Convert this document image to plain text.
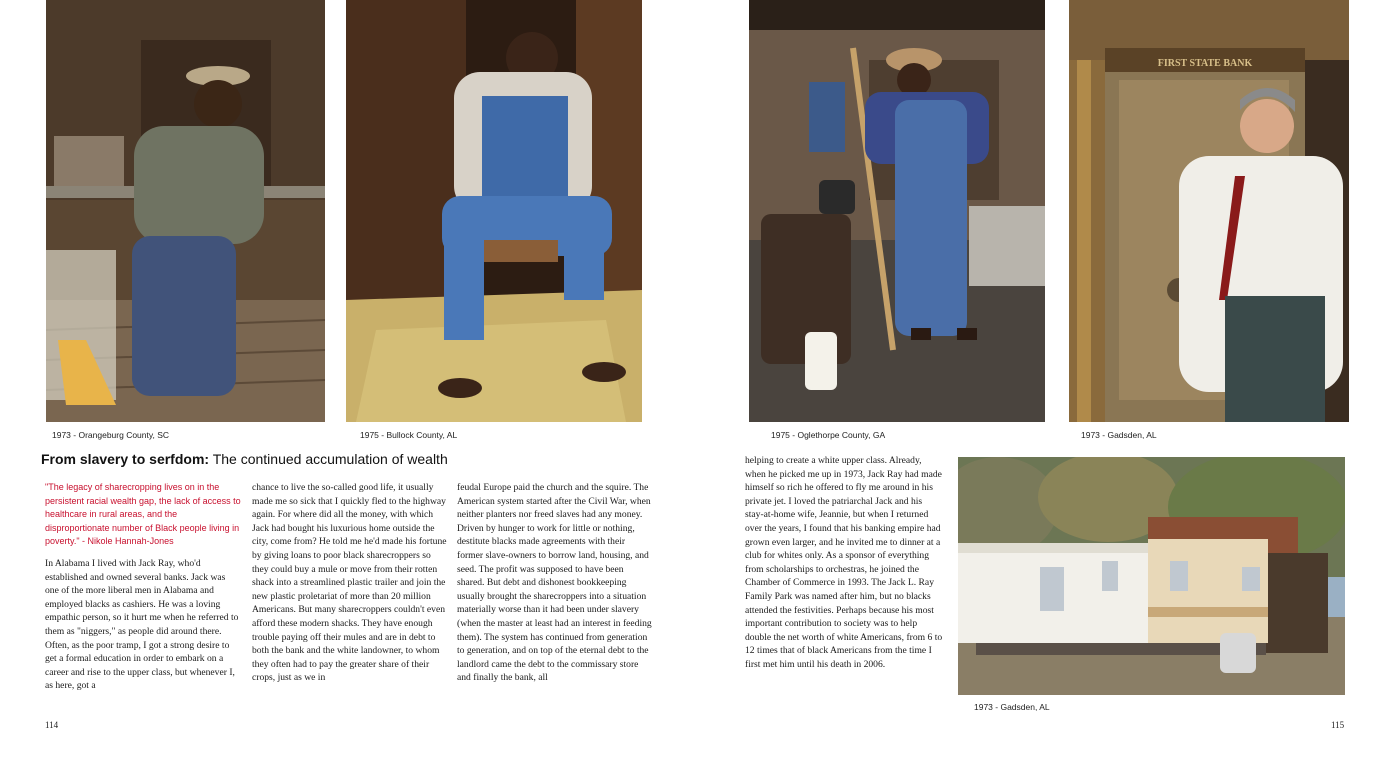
1973 - Orangeburg County, SC	1975 - Bullock County, AL	1975 - Oglethorpe County, GA
FIRST STATE BANK
1973 - Gadsden, AL
1973 - Gadsden, AL
From slavery to serfdom: The continued accumulation of wealth

"The legacy of sharecropping lives on in the persistent racial wealth gap, the lack of access to healthcare in rural areas, and the disproportionate number of Black people living in poverty." - Nikole Hannah-Jones

In Alabama I lived with Jack Ray, who'd established and owned several banks. Jack was one of the more liberal men in Alabama and employed blacks as cashiers. He was a loving empathic person, so it hurt me when he referred to them as "niggers," as people did around there. Often, as the poor tramp, I got a strong desire to get a formal education in order to embark on a career and rise to the upper class, but whenever I, as here, got a

chance to live the so-called good life, it usually made me so sick that I quickly fled to the highway again. For where did all the money, with which Jack had bought his luxurious home outside the city, come from? He told me he'd made his fortune by giving loans to poor black sharecroppers so they could buy a mule or move from their rotten shack into a streamlined plastic trailer and join the new plastic proletariat of more than 20 million Americans. But many sharecroppers couldn't even afford these modern shacks. They have enough trouble paying off their mules and are in debt to both the bank and the white landowner, to whom they often had to pay the greater share of their crops, just as we in

feudal Europe paid the church and the squire. The American system started after the Civil War, when neither planters nor freed slaves had any money. Driven by hunger to work for little or nothing, destitute blacks made agreements with their former slave-owners to borrow land, housing, and seed. The profit was supposed to have been shared. But debt and dishonest bookkeeping usually brought the sharecroppers into a situation materially worse than it had been under slavery (when the master at least had an interest in feeding them). The system has continued from generation to generation, and on top of the eternal debt to the landlord came the debt to the commissary store and finally the bank, all

helping to create a white upper class. Already, when he picked me up in 1973, Jack Ray had made himself so rich he offered to fly me around in his private jet. I loved the patriarchal Jack and his stay-at-home wife, Jeannie, but when I returned over the years, I found that his banking empire had grown even larger, and he invited me to dinner at a club for whites only. As a sponsor of everything from scholarships to orchestras, he joined the Chamber of Commerce in 1993. The Jack L. Ray Family Park was named after him, but no blacks attended the festivities. Perhaps because his most important contribution to society was to help double the net worth of white Americans, from 6 to 12 times that of black Americans from the time I first met him until his death in 2006.

114	115
